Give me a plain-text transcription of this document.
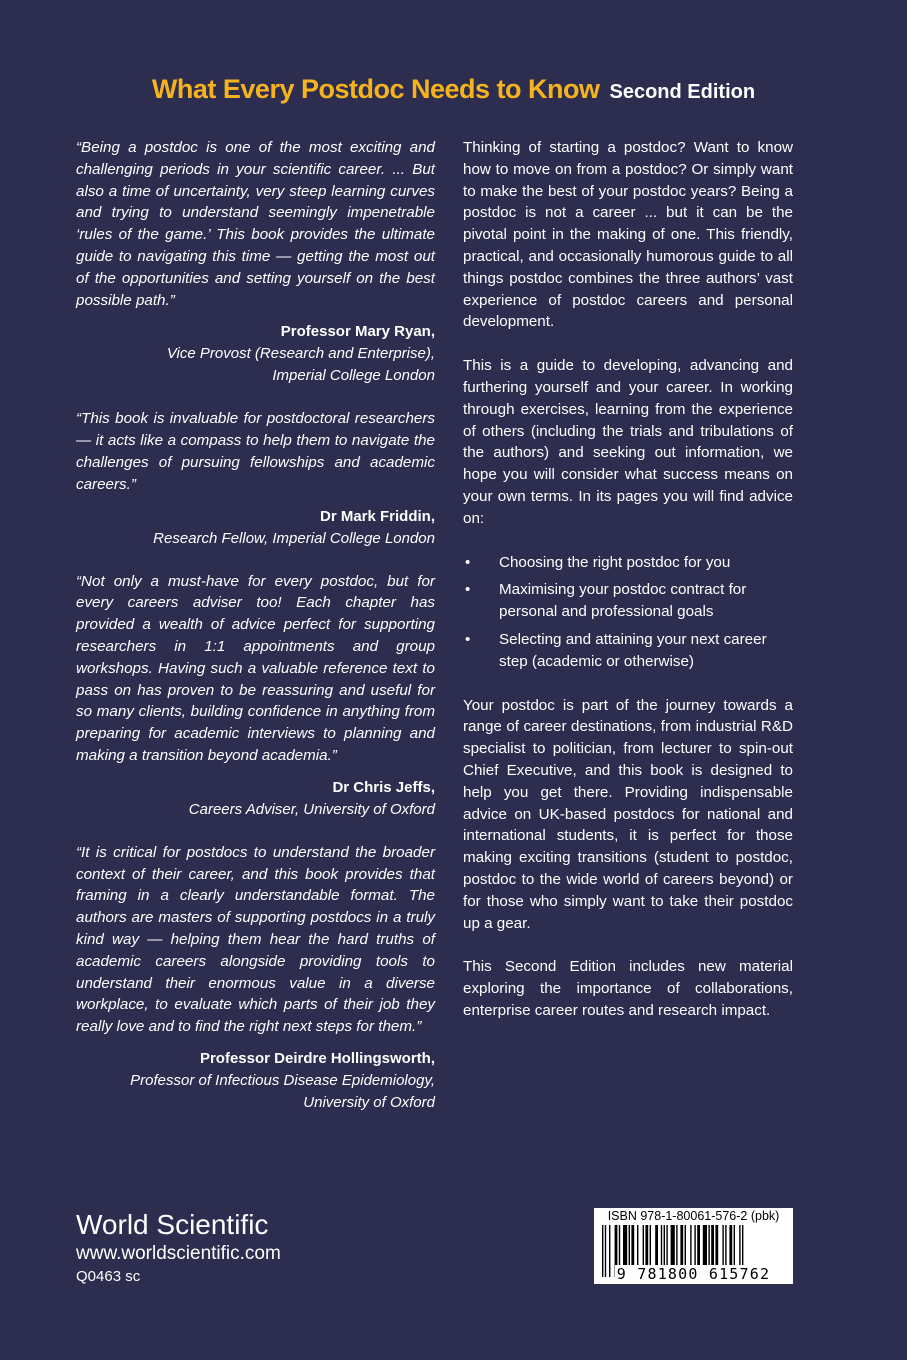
What Every Postdoc Needs to Know Second Edition

“Being a postdoc is one of the most exciting and challenging periods in your scientific career. ... But also a time of uncertainty, very steep learning curves and trying to understand seemingly impenetrable ‘rules of the game.’ This book provides the ultimate guide to navigating this time — getting the most out of the opportunities and setting yourself on the best possible path.”

Professor Mary Ryan,
Vice Provost (Research and Enterprise),
Imperial College London

“This book is invaluable for postdoctoral researchers — it acts like a compass to help them to navigate the challenges of pursuing fellowships and academic careers.”

Dr Mark Friddin,
Research Fellow, Imperial College London

“Not only a must-have for every postdoc, but for every careers adviser too! Each chapter has provided a wealth of advice perfect for supporting researchers in 1:1 appointments and group workshops. Having such a valuable reference text to pass on has proven to be reassuring and useful for so many clients, building confidence in anything from preparing for academic interviews to planning and making a transition beyond academia.”

Dr Chris Jeffs,
Careers Adviser, University of Oxford

“It is critical for postdocs to understand the broader context of their career, and this book provides that framing in a clearly understandable format. The authors are masters of supporting postdocs in a truly kind way — helping them hear the hard truths of academic careers alongside providing tools to understand their enormous value in a diverse workplace, to evaluate which parts of their job they really love and to find the right next steps for them.”

Professor Deirdre Hollingsworth,
Professor of Infectious Disease Epidemiology,
University of Oxford

Thinking of starting a postdoc? Want to know how to move on from a postdoc? Or simply want to make the best of your postdoc years? Being a postdoc is not a career ... but it can be the pivotal point in the making of one. This friendly, practical, and occasionally humorous guide to all things postdoc combines the three authors’ vast experience of postdoc careers and personal development.

This is a guide to developing, advancing and furthering yourself and your career. In working through exercises, learning from the experience of others (including the trials and tribulations of the authors) and seeking out information, we hope you will consider what success means on your own terms. In its pages you will find advice on:

• Choosing the right postdoc for you
• Maximising your postdoc contract for personal and professional goals
• Selecting and attaining your next career step (academic or otherwise)

Your postdoc is part of the journey towards a range of career destinations, from industrial R&D specialist to politician, from lecturer to spin-out Chief Executive, and this book is designed to help you get there. Providing indispensable advice on UK-based postdocs for national and international students, it is perfect for those making exciting transitions (student to postdoc, postdoc to the wide world of careers beyond) or for those who simply want to take their postdoc up a gear.

This Second Edition includes new material exploring the importance of collaborations, enterprise career routes and research impact.

World Scientific
www.worldscientific.com
Q0463 sc
ISBN 978-1-80061-576-2 (pbk)
9 781800 615762
